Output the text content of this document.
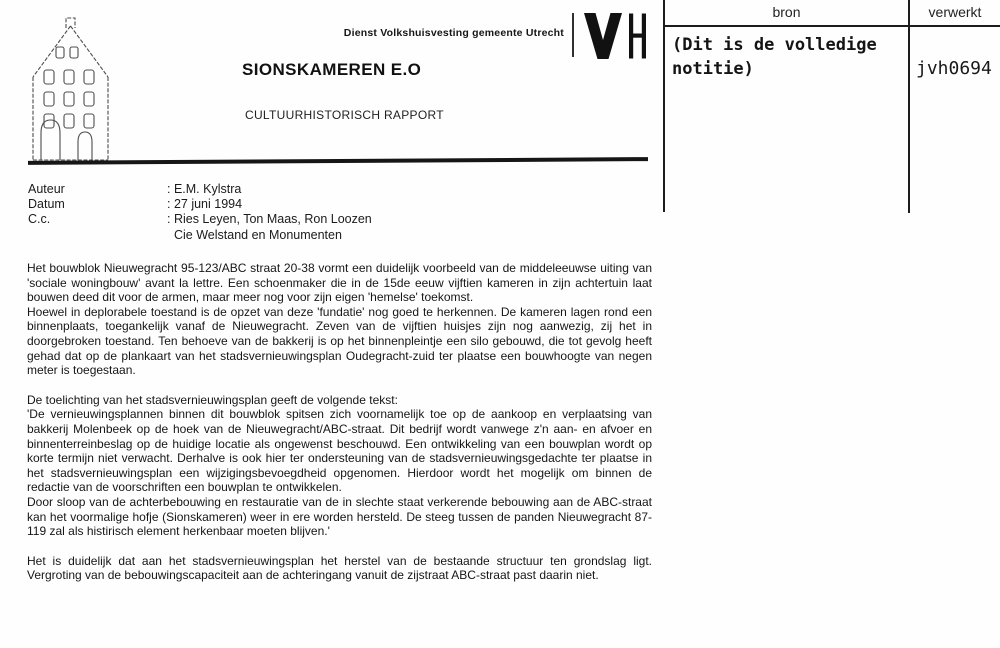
Dienst Volkshuisvesting gemeente Utrecht
SIONSKAMEREN E.O
CULTUURHISTORISCH RAPPORT
bron	verwerkt
(Dit is de volledige notitie)	jvh0694
Auteur	: E.M. Kylstra
Datum	: 27 juni 1994
C.c.	: Ries Leyen, Ton Maas, Ron Loozen
Cie Welstand en Monumenten

Het bouwblok Nieuwegracht 95-123/ABC straat 20-38 vormt een duidelijk voorbeeld van de middeleeuwse uiting van 'sociale woningbouw' avant la lettre. Een schoenmaker die in de 15de eeuw vijftien kameren in zijn achtertuin laat bouwen deed dit voor de armen, maar meer nog voor zijn eigen 'hemelse' toekomst.

Hoewel in deplorabele toestand is de opzet van deze 'fundatie' nog goed te herkennen. De kameren lagen rond een binnenplaats, toegankelijk vanaf de Nieuwegracht. Zeven van de vijftien huisjes zijn nog aanwezig, zij het in doorgebroken toestand. Ten behoeve van de bakkerij is op het binnenpleintje een silo gebouwd, die tot gevolg heeft gehad dat op de plankaart van het stadsvernieuwingsplan Oudegracht-zuid ter plaatse een bouwhoogte van negen meter is toegestaan.

De toelichting van het stadsvernieuwingsplan geeft de volgende tekst:

'De vernieuwingsplannen binnen dit bouwblok spitsen zich voornamelijk toe op de aankoop en verplaatsing van bakkerij Molenbeek op de hoek van de Nieuwegracht/ABC-straat. Dit bedrijf wordt vanwege z'n aan- en afvoer en binnenterreinbeslag op de huidige locatie als ongewenst beschouwd. Een ontwikkeling van een bouwplan wordt op korte termijn niet verwacht. Derhalve is ook hier ter ondersteuning van de stadsvernieuwingsgedachte ter plaatse in het stadsvernieuwingsplan een wijzigingsbevoegdheid opgenomen. Hierdoor wordt het mogelijk om binnen de redactie van de voorschriften een bouwplan te ontwikkelen.

Door sloop van de achterbebouwing en restauratie van de in slechte staat verkerende bebouwing aan de ABC-straat kan het voormalige hofje (Sionskameren) weer in ere worden hersteld. De steeg tussen de panden Nieuwegracht 87-119 zal als histirisch element herkenbaar moeten blijven.'

Het is duidelijk dat aan het stadsvernieuwingsplan het herstel van de bestaande structuur ten grondslag ligt. Vergroting van de bebouwingscapaciteit aan de achteringang vanuit de zijstraat ABC-straat past daarin niet.
